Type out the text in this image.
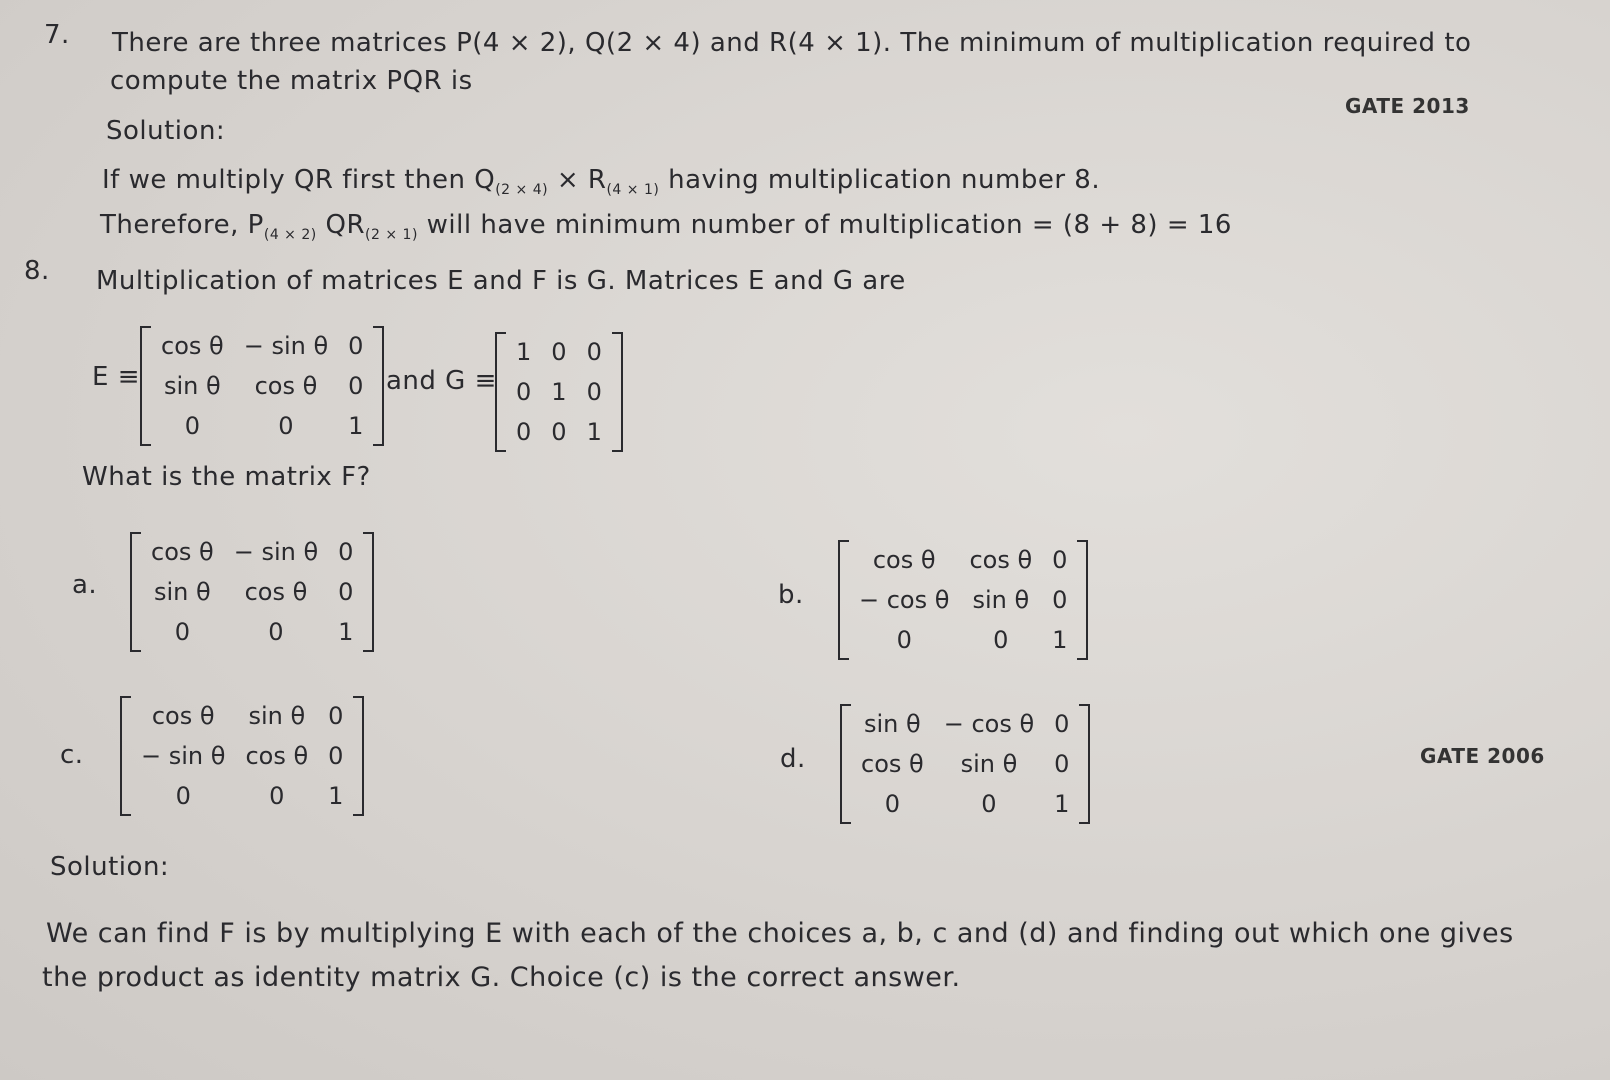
7. There are three matrices P(4 × 2), Q(2 × 4) and R(4 × 1). The minimum of multiplication required to
compute the matrix PQR is
GATE 2013
Solution:
If we multiply QR first then $Q_{(2 \times 4)} \times R_{(4 \times 1)}$ having multiplication number 8.
Therefore, $P_{(4 \times 2)}$ $QR_{(2 \times 1)}$ will have minimum number of multiplication = (8 + 8) = 16
8. Multiplication of matrices E and F is G. Matrices E and G are
E ≡
cos θ	− sin θ	0
sin θ	cos θ	0
0	0	1
and G ≡
1	0	0
0	1	0
0	0	1
What is the matrix F?
a.
cos θ	− sin θ	0
sin θ	cos θ	0
0	0	1
b.
cos θ	cos θ	0
− cos θ	sin θ	0
0	0	1
c.
cos θ	sin θ	0
− sin θ	cos θ	0
0	0	1
d.
sin θ	− cos θ	0
cos θ	sin θ	0
0	0	1
GATE 2006
Solution:
We can find F is by multiplying E with each of the choices a, b, c and (d) and finding out which one gives
the product as identity matrix G. Choice (c) is the correct answer.
